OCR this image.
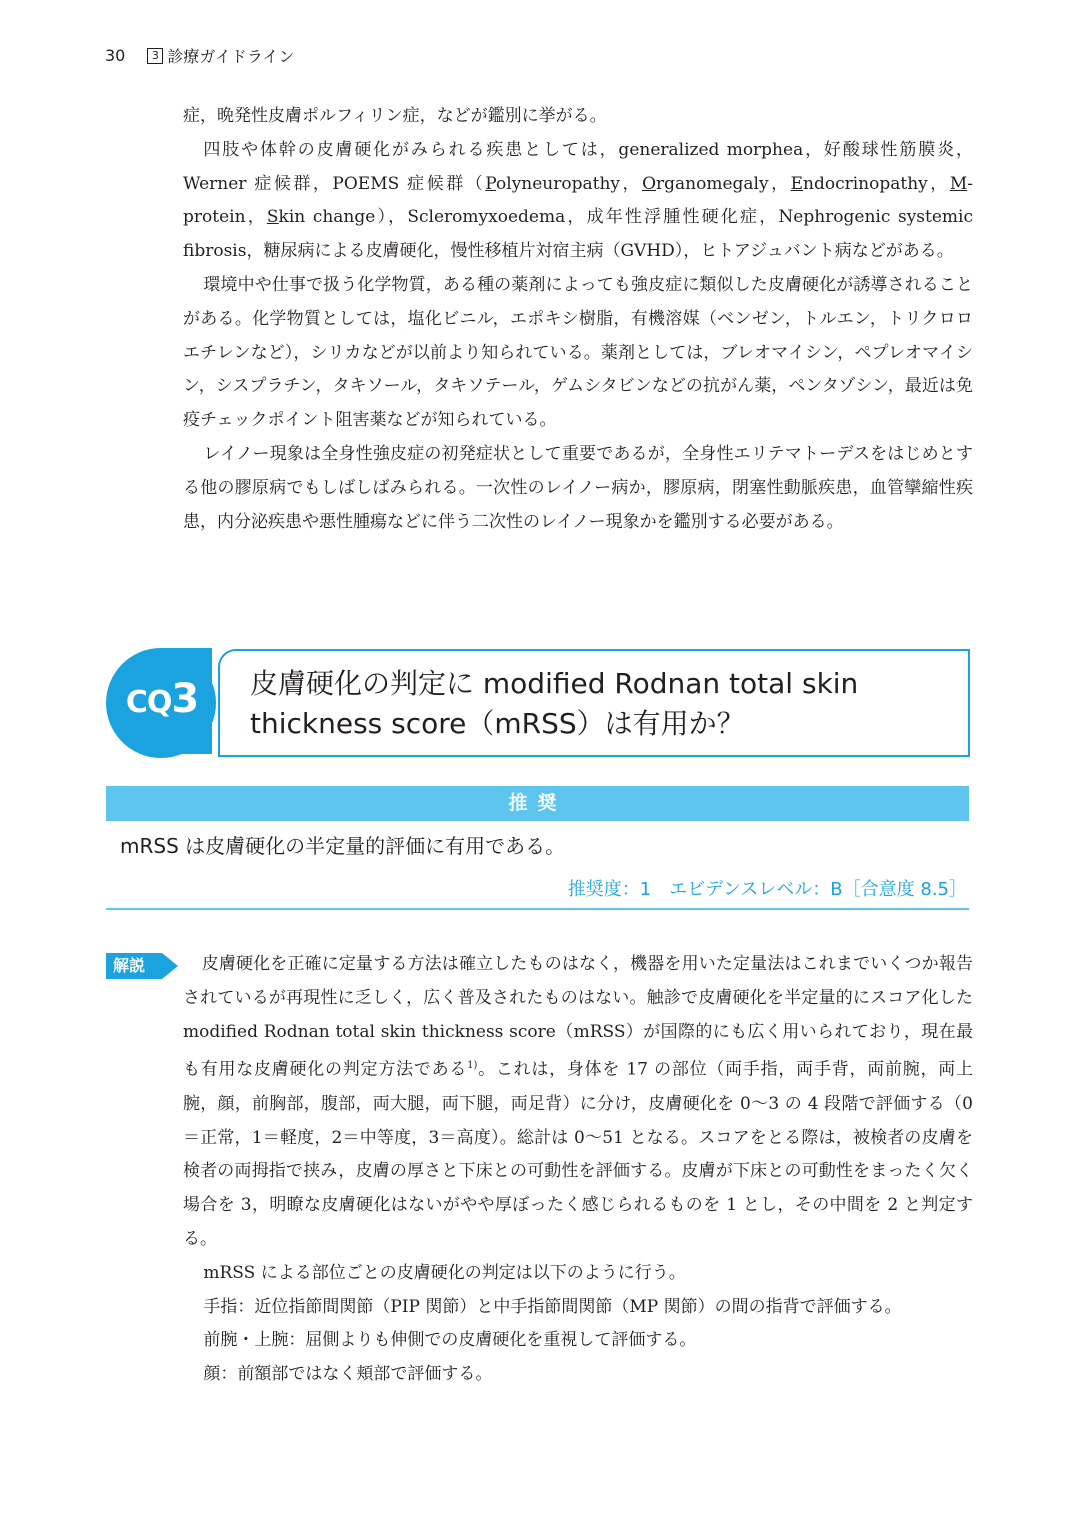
30	3 診療ガイドライン

症，晩発性皮膚ポルフィリン症，などが鑑別に挙がる。

四肢や体幹の皮膚硬化がみられる疾患としては，generalized morphea，好酸球性筋膜炎，Werner 症候群，POEMS 症候群（Polyneuropathy，Organomegaly，Endocrinopathy，M-protein，Skin change），Scleromyxoedema，成年性浮腫性硬化症，Nephrogenic systemic fibrosis，糖尿病による皮膚硬化，慢性移植片対宿主病（GVHD），ヒトアジュバント病などがある。

環境中や仕事で扱う化学物質，ある種の薬剤によっても強皮症に類似した皮膚硬化が誘導されることがある。化学物質としては，塩化ビニル，エポキシ樹脂，有機溶媒（ベンゼン，トルエン，トリクロロエチレンなど），シリカなどが以前より知られている。薬剤としては，ブレオマイシン，ペプレオマイシン，シスプラチン，タキソール，タキソテール，ゲムシタビンなどの抗がん薬，ペンタゾシン，最近は免疫チェックポイント阻害薬などが知られている。

レイノー現象は全身性強皮症の初発症状として重要であるが，全身性エリテマトーデスをはじめとする他の膠原病でもしばしばみられる。一次性のレイノー病か，膠原病，閉塞性動脈疾患，血管攣縮性疾患，内分泌疾患や悪性腫瘍などに伴う二次性のレイノー現象かを鑑別する必要がある。

CQ3	皮膚硬化の判定に modified Rodnan total skin
thickness score（mRSS）は有用か？
推奨
mRSS は皮膚硬化の半定量的評価に有用である。
推奨度：1　エビデンスレベル：B［合意度 8.5］
解説	皮膚硬化を正確に定量する方法は確立したものはなく，機器を用いた定量法はこれまでいくつか報告されているが再現性に乏しく，広く普及されたものはない。触診で皮膚硬化を半定量的にスコア化した modified Rodnan total skin thickness score（mRSS）が国際的にも広く用いられており，現在最も有用な皮膚硬化の判定方法である$^{1)}$。これは，身体を 17 の部位（両手指，両手背，両前腕，両上腕，顔，前胸部，腹部，両大腿，両下腿，両足背）に分け，皮膚硬化を 0〜3 の 4 段階で評価する（0＝正常，1＝軽度，2＝中等度，3＝高度）。総計は 0〜51 となる。スコアをとる際は，被検者の皮膚を検者の両拇指で挟み，皮膚の厚さと下床との可動性を評価する。皮膚が下床との可動性をまったく欠く場合を 3，明瞭な皮膚硬化はないがやや厚ぼったく感じられるものを 1 とし，その中間を 2 と判定する。

mRSS による部位ごとの皮膚硬化の判定は以下のように行う。

手指：近位指節間関節（PIP 関節）と中手指節間関節（MP 関節）の間の指背で評価する。

前腕・上腕：屈側よりも伸側での皮膚硬化を重視して評価する。

顔：前額部ではなく頬部で評価する。
